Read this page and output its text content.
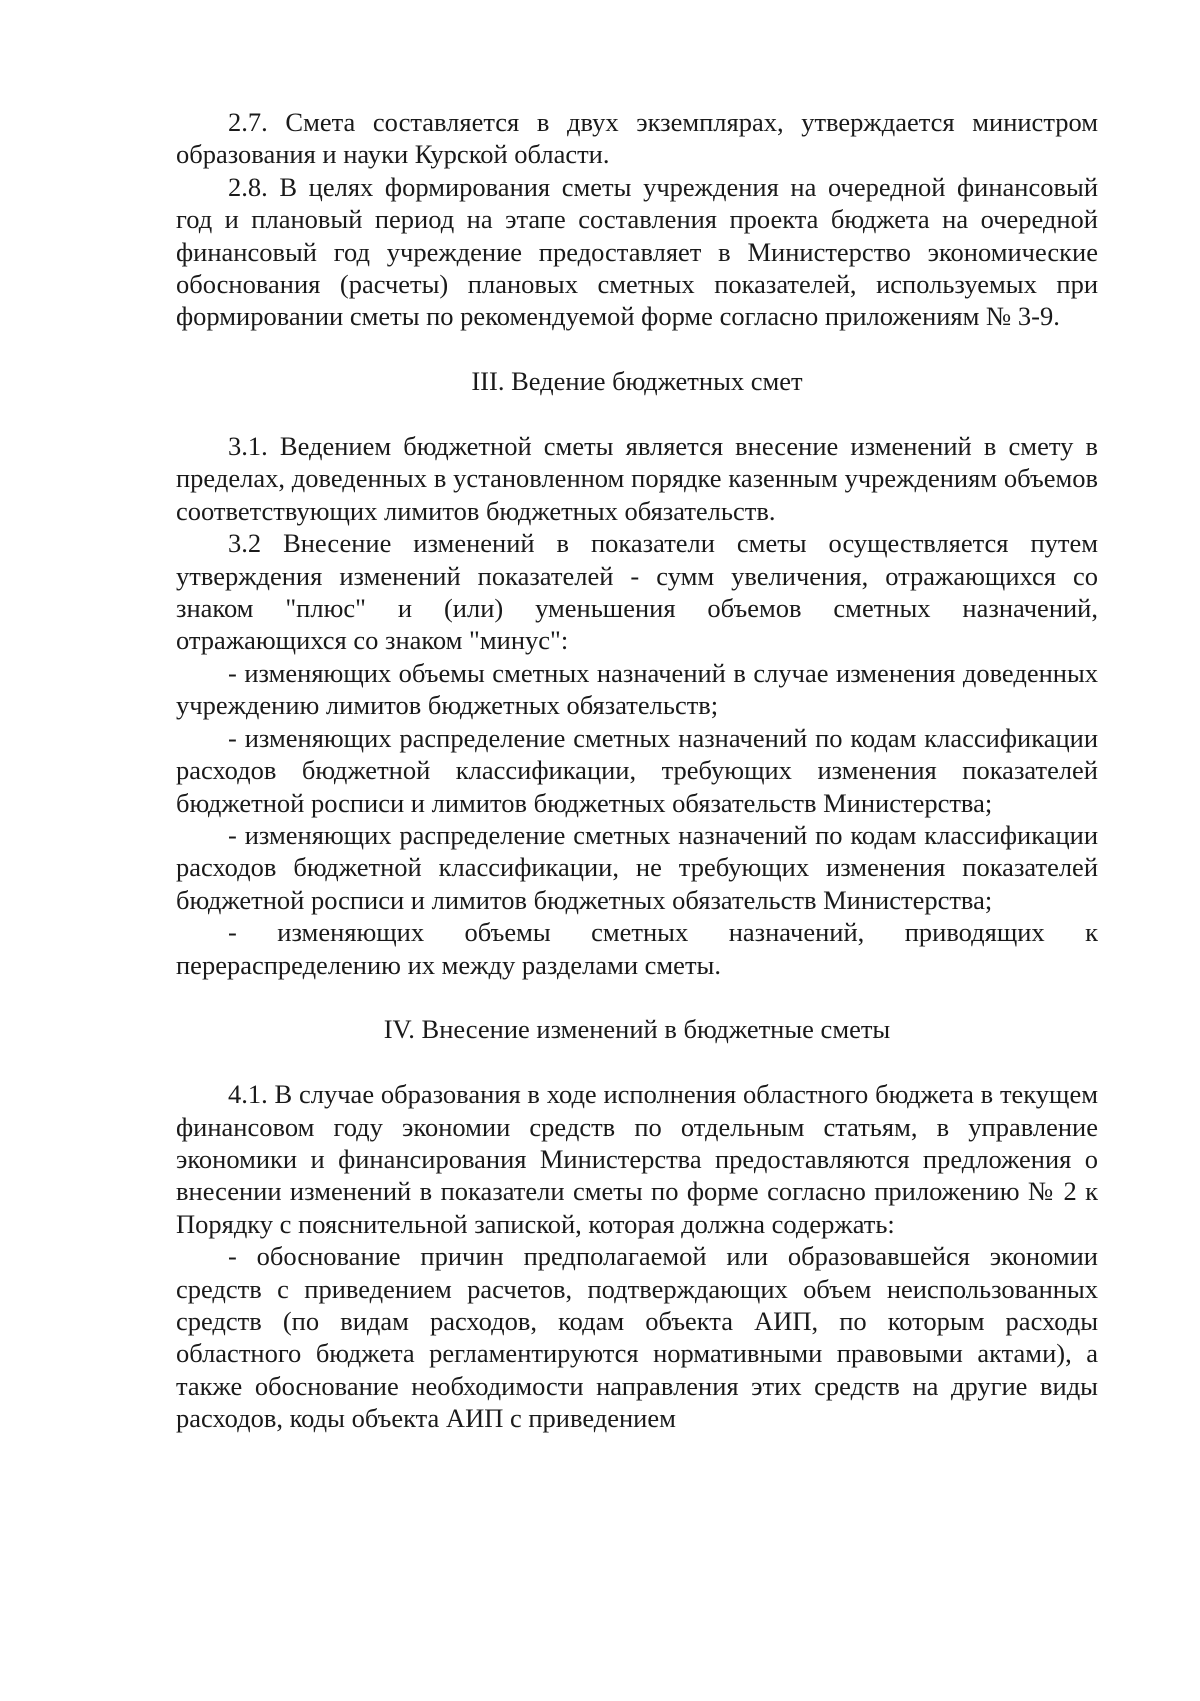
2.7. Смета составляется в двух экземплярах, утверждается министром образования и науки Курской области.

2.8. В целях формирования сметы учреждения на очередной финансовый год и плановый период на этапе составления проекта бюджета на очередной финансовый год учреждение предоставляет в Министерство экономические обоснования (расчеты) плановых сметных показателей, используемых при формировании сметы по рекомендуемой форме согласно приложениям № 3-9.

III. Ведение бюджетных смет

3.1. Ведением бюджетной сметы является внесение изменений в смету в пределах, доведенных в установленном порядке казенным учреждениям объемов соответствующих лимитов бюджетных обязательств.

3.2 Внесение изменений в показатели сметы осуществляется путем утверждения изменений показателей - сумм увеличения, отражающихся со знаком "плюс" и (или) уменьшения объемов сметных назначений, отражающихся со знаком "минус":

- изменяющих объемы сметных назначений в случае изменения доведенных учреждению лимитов бюджетных обязательств;

- изменяющих распределение сметных назначений по кодам классификации расходов бюджетной классификации, требующих изменения показателей бюджетной росписи и лимитов бюджетных обязательств Министерства;

- изменяющих распределение сметных назначений по кодам классификации расходов бюджетной классификации, не требующих изменения показателей бюджетной росписи и лимитов бюджетных обязательств Министерства;

- изменяющих объемы сметных назначений, приводящих к перераспределению их между разделами сметы.

IV. Внесение изменений в бюджетные сметы

4.1. В случае образования в ходе исполнения областного бюджета в текущем финансовом году экономии средств по отдельным статьям, в управление экономики и финансирования Министерства предоставляются предложения о внесении изменений в показатели сметы по форме согласно приложению № 2 к Порядку с пояснительной запиской, которая должна содержать:

- обоснование причин предполагаемой или образовавшейся экономии средств с приведением расчетов, подтверждающих объем неиспользованных средств (по видам расходов, кодам объекта АИП, по которым расходы областного бюджета регламентируются нормативными правовыми актами), а также обоснование необходимости направления этих средств на другие виды расходов, коды объекта АИП с приведением
